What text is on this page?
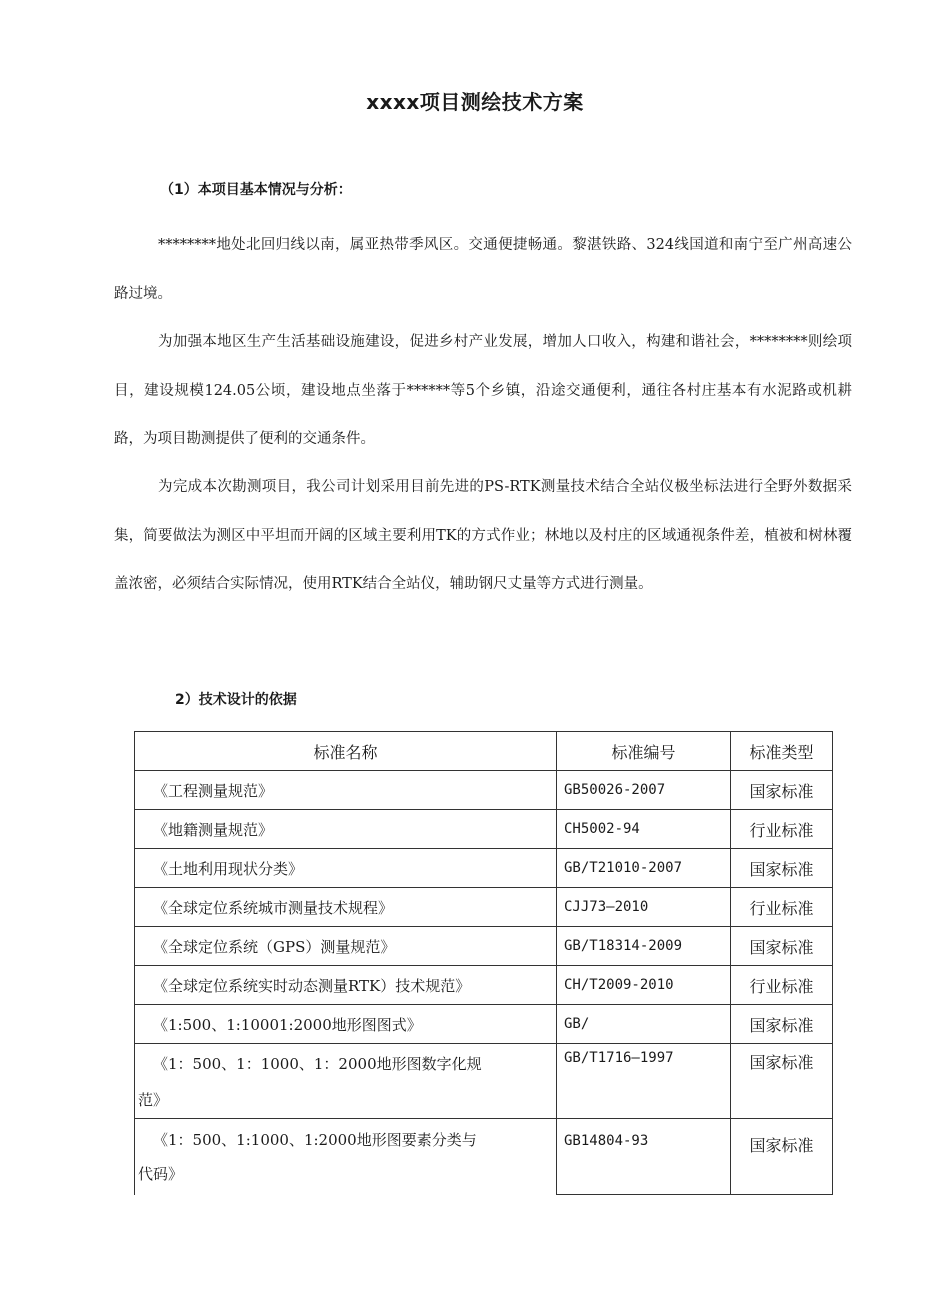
xxxx项目测绘技术方案
（1）本项目基本情况与分析：

********地处北回归线以南，属亚热带季风区。交通便捷畅通。黎湛铁路、324线国道和南宁至广州高速公路过境。

为加强本地区生产生活基础设施建设，促进乡村产业发展，增加人口收入，构建和谐社会，***​*****则绘项目，建设规模124.05公顷，建设地点坐落于******等5个乡镇，沿途交通便利，通往各村庄基本有水泥路或机耕路，为项目勘测提供了便利的交通条件。

为完成本次勘测项目，我公司计划采用目前先进的PS-RTK测量技术结合全站仪极坐标法进行全野外数据采集，简要做法为测区中平坦而开阔的区域主要利用TK的方式作业；林地以及村庄的区域通视条件差，植被和树林覆盖浓密，必须结合实际情况，使用RTK结合全站仪，辅助钢尺丈量等方式进行测量。

2）技术设计的依据
标准名称	标准编号	标准类型
《工程测量规范》	GB50026-2007	国家标准
《地籍测量规范》	CH5002-94	行业标准
《土地利用现状分类》	GB/T21010-2007	国家标准
《全球定位系统城市测量技术规程》	CJJ73—2010	行业标准
《全球定位系统（GPS）测量规范》	GB/T18314-2009	国家标准
《全球定位系统实时动态测量RTK）技术规范》	CH/T2009-2010	行业标准
《1:500、1:10001:2000地形图图式》	GB/	国家标准
《1：500、1：1000、1：2000地形图数字化规
范》	GB/T1716—1997	国家标准
《1：500、1:1000、1:2000地形图要素分类与
代码》	GB14804-93	国家标准
